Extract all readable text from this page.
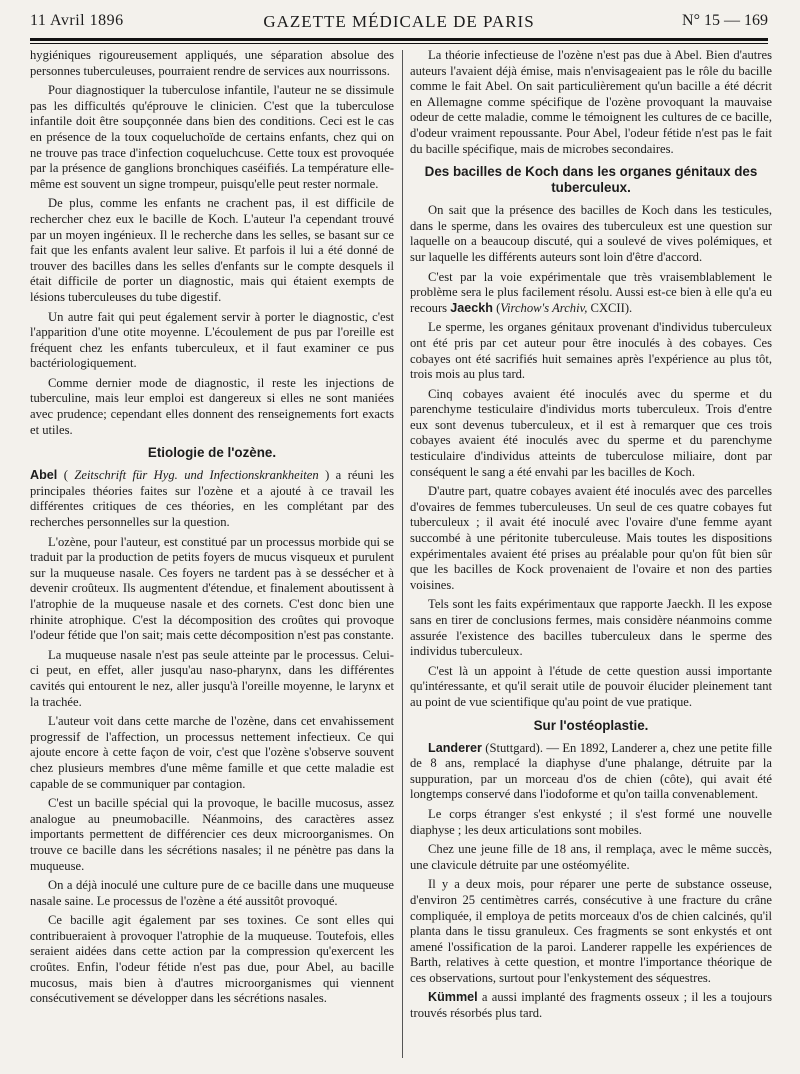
11 Avril 1896	GAZETTE MÉDICALE DE PARIS	N° 15 — 169

hygiéniques rigoureusement appliqués, une séparation absolue des personnes tuberculeuses, pourraient rendre de services aux nourrissons.

Pour diagnostiquer la tuberculose infantile, l'auteur ne se dissimule pas les difficultés qu'éprouve le clinicien. C'est que la tuberculose infantile doit être soupçonnée dans bien des conditions. Ceci est le cas en présence de la toux coqueluchoïde de certains enfants, chez qui on ne trouve pas trace d'infection coqueluchcuse. Cette toux est provoquée par la présence de ganglions bronchiques caséifiés. La température elle-même est souvent un signe trompeur, puisqu'elle peut rester normale.

De plus, comme les enfants ne crachent pas, il est difficile de rechercher chez eux le bacille de Koch. L'auteur l'a cependant trouvé par un moyen ingénieux. Il le recherche dans les selles, se basant sur ce fait que les enfants avalent leur salive. Et parfois il lui a été donné de trouver des bacilles dans les selles d'enfants sur le compte desquels il était difficile de porter un diagnostic, mais qui étaient exempts de lésions tuberculeuses du tube digestif.

Un autre fait qui peut également servir à porter le diagnostic, c'est l'apparition d'une otite moyenne. L'écoulement de pus par l'oreille est fréquent chez les enfants tuberculeux, et il faut examiner ce pus bactériologiquement.

Comme dernier mode de diagnostic, il reste les injections de tuberculine, mais leur emploi est dangereux si elles ne sont maniées avec prudence; cependant elles donnent des renseignements fort exacts et utiles.

Etiologie de l'ozène.

Abel ( Zeitschrift für Hyg. und Infectionskrankheiten ) a réuni les principales théories faites sur l'ozène et a ajouté à ce travail les différentes critiques de ces théories, en les complétant par des recherches personnelles sur la question.

L'ozène, pour l'auteur, est constitué par un processus morbide qui se traduit par la production de petits foyers de mucus visqueux et purulent sur la muqueuse nasale. Ces foyers ne tardent pas à se dessécher et à devenir croûteux. Ils augmentent d'étendue, et finalement aboutissent à l'atrophie de la muqueuse nasale et des cornets. C'est donc bien une rhinite atrophique. C'est la décomposition des croûtes qui provoque l'odeur fétide que l'on sait; mais cette décomposition n'est pas constante.

La muqueuse nasale n'est pas seule atteinte par le processus. Celui-ci peut, en effet, aller jusqu'au naso-pharynx, dans les différentes cavités qui entourent le nez, aller jusqu'à l'oreille moyenne, le larynx et la trachée.

L'auteur voit dans cette marche de l'ozène, dans cet envahissement progressif de l'affection, un processus nettement infectieux. Ce qui ajoute encore à cette façon de voir, c'est que l'ozène s'observe souvent chez plusieurs membres d'une même famille et que cette maladie est capable de se communiquer par contagion.

C'est un bacille spécial qui la provoque, le bacille mucosus, assez analogue au pneumobacille. Néanmoins, des caractères assez importants permettent de différencier ces deux microorganismes. On trouve ce bacille dans les sécrétions nasales; il ne pénètre pas dans la muqueuse.

On a déjà inoculé une culture pure de ce bacille dans une muqueuse nasale saine. Le processus de l'ozène a été aussitôt provoqué.

Ce bacille agit également par ses toxines. Ce sont elles qui contribueraient à provoquer l'atrophie de la muqueuse. Toutefois, elles seraient aidées dans cette action par la compression qu'exercent les croûtes. Enfin, l'odeur fétide n'est pas due, pour Abel, au bacille mucosus, mais bien à d'autres microorganismes qui viennent consécutivement se développer dans les sécrétions nasales.

La théorie infectieuse de l'ozène n'est pas due à Abel. Bien d'autres auteurs l'avaient déjà émise, mais n'envisageaient pas le rôle du bacille comme le fait Abel. On sait particulièrement qu'un bacille a été décrit en Allemagne comme spécifique de l'ozène provoquant la mauvaise odeur de cette maladie, comme le témoignent les cultures de ce bacille, d'odeur vraiment repoussante. Pour Abel, l'odeur fétide n'est pas le fait du bacille spécifique, mais de microbes secondaires.

Des bacilles de Koch dans les organes génitaux des tuberculeux.

On sait que la présence des bacilles de Koch dans les testicules, dans le sperme, dans les ovaires des tuberculeux est une question sur laquelle on a beaucoup discuté, qui a soulevé de vives polémiques, et sur laquelle les différents auteurs sont loin d'être d'accord.

C'est par la voie expérimentale que très vraisemblablement le problème sera le plus facilement résolu. Aussi est-ce bien à elle qu'a eu recours Jaeckh (Virchow's Archiv, CXCII).

Le sperme, les organes génitaux provenant d'individus tuberculeux ont été pris par cet auteur pour être inoculés à des cobayes. Ces cobayes ont été sacrifiés huit semaines après l'expérience au plus tôt, trois mois au plus tard.

Cinq cobayes avaient été inoculés avec du sperme et du parenchyme testiculaire d'individus morts tuberculeux. Trois d'entre eux sont devenus tuberculeux, et il est à remarquer que ces trois cobayes avaient été inoculés avec du sperme et du parenchyme testiculaire d'individus atteints de tuberculose miliaire, dont par conséquent le sang a été envahi par les bacilles de Koch.

D'autre part, quatre cobayes avaient été inoculés avec des parcelles d'ovaires de femmes tuberculeuses. Un seul de ces quatre cobayes fut tuberculeux ; il avait été inoculé avec l'ovaire d'une femme ayant succombé à une péritonite tuberculeuse. Mais toutes les dispositions expérimentales avaient été prises au préalable pour qu'on fût bien sûr que les bacilles de Kock provenaient de l'ovaire et non des parties voisines.

Tels sont les faits expérimentaux que rapporte Jaeckh. Il les expose sans en tirer de conclusions fermes, mais considère néanmoins comme assurée l'existence des bacilles tuberculeux dans le sperme des individus tuberculeux.

C'est là un appoint à l'étude de cette question aussi importante qu'intéressante, et qu'il serait utile de pouvoir élucider pleinement tant au point de vue scientifique qu'au point de vue pratique.

Sur l'ostéoplastie.

Landerer (Stuttgard). — En 1892, Landerer a, chez une petite fille de 8 ans, remplacé la diaphyse d'une phalange, détruite par la suppuration, par un morceau d'os de chien (côte), qui avait été longtemps conservé dans l'iodoforme et qu'on tailla convenablement.

Le corps étranger s'est enkysté ; il s'est formé une nouvelle diaphyse ; les deux articulations sont mobiles.

Chez une jeune fille de 18 ans, il remplaça, avec le même succès, une clavicule détruite par une ostéomyélite.

Il y a deux mois, pour réparer une perte de substance osseuse, d'environ 25 centimètres carrés, consécutive à une fracture du crâne compliquée, il employa de petits morceaux d'os de chien calcinés, qu'il planta dans le tissu granuleux. Ces fragments se sont enkystés et ont amené l'ossification de la paroi. Landerer rappelle les expériences de Barth, relatives à cette question, et montre l'importance théorique de ces observations, surtout pour l'enkystement des séquestres.

Kümmel a aussi implanté des fragments osseux ; il les a toujours trouvés résorbés plus tard.
